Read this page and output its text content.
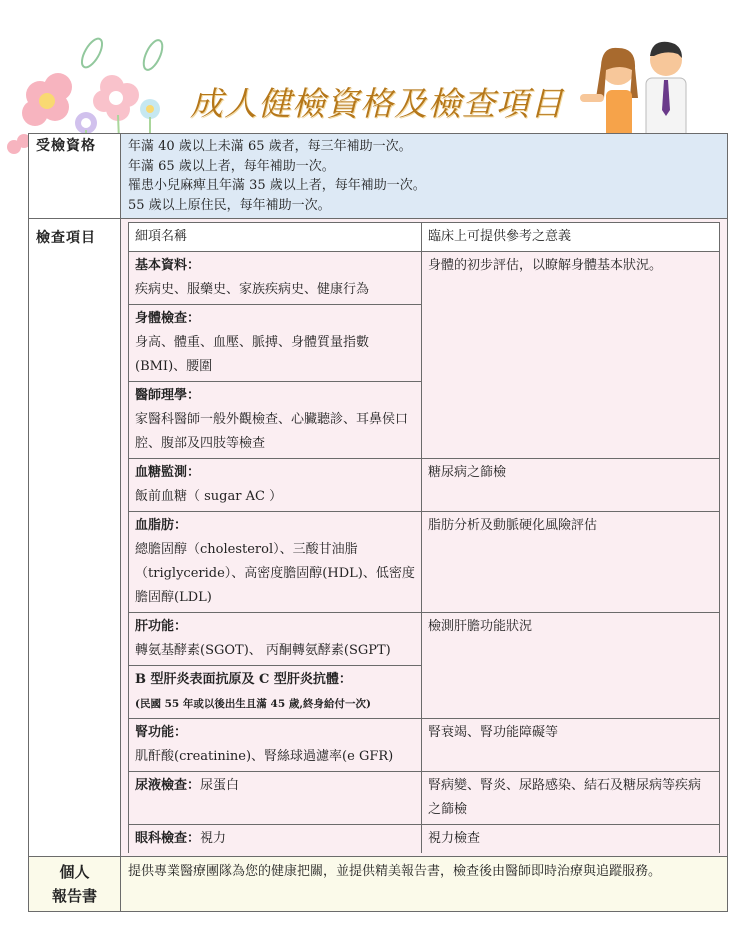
成人健檢資格及檢查項目
受檢資格	年滿 40 歲以上未滿 65 歲者，每三年補助一次。
年滿 65 歲以上者，每年補助一次。
罹患小兒麻痺且年滿 35 歲以上者，每年補助一次。
55 歲以上原住民，每年補助一次。

檢查項目		細項名稱	臨床上可提供參考之意義

基本資料：
疾病史、服藥史、家族疾病史、健康行為
	身體的初步評估，以瞭解身體基本狀況。

身體檢查：
身高、體重、血壓、脈搏、身體質量指數(BMI)、腰圍

醫師理學：
家醫科醫師一般外觀檢查、心臟聽診、耳鼻侯口腔、腹部及四肢等檢查

血糖監測：
飯前血糖（ sugar AC ）
	糖尿病之篩檢

血脂肪：
總膽固醇（cholesterol）、三酸甘油脂（triglyceride）、高密度膽固醇(HDL)、低密度膽固醇(LDL)
	脂肪分析及動脈硬化風險評估

肝功能：
轉氨基酵素(SGOT)、 丙酮轉氨酵素(SGPT)
	檢測肝膽功能狀況

B 型肝炎表面抗原及 C 型肝炎抗體：
(民國 55 年或以後出生且滿 45 歲,終身給付一次)

腎功能：
肌酐酸(creatinine)、腎絲球過濾率(e GFR)
	腎衰竭、腎功能障礙等
尿液檢查：尿蛋白	腎病變、腎炎、尿路感染、結石及糖尿病等疾病之篩檢
眼科檢查：視力	視力檢查

個人
報告書
	提供專業醫療團隊為您的健康把關，並提供精美報告書，檢查後由醫師即時治療與追蹤服務。
